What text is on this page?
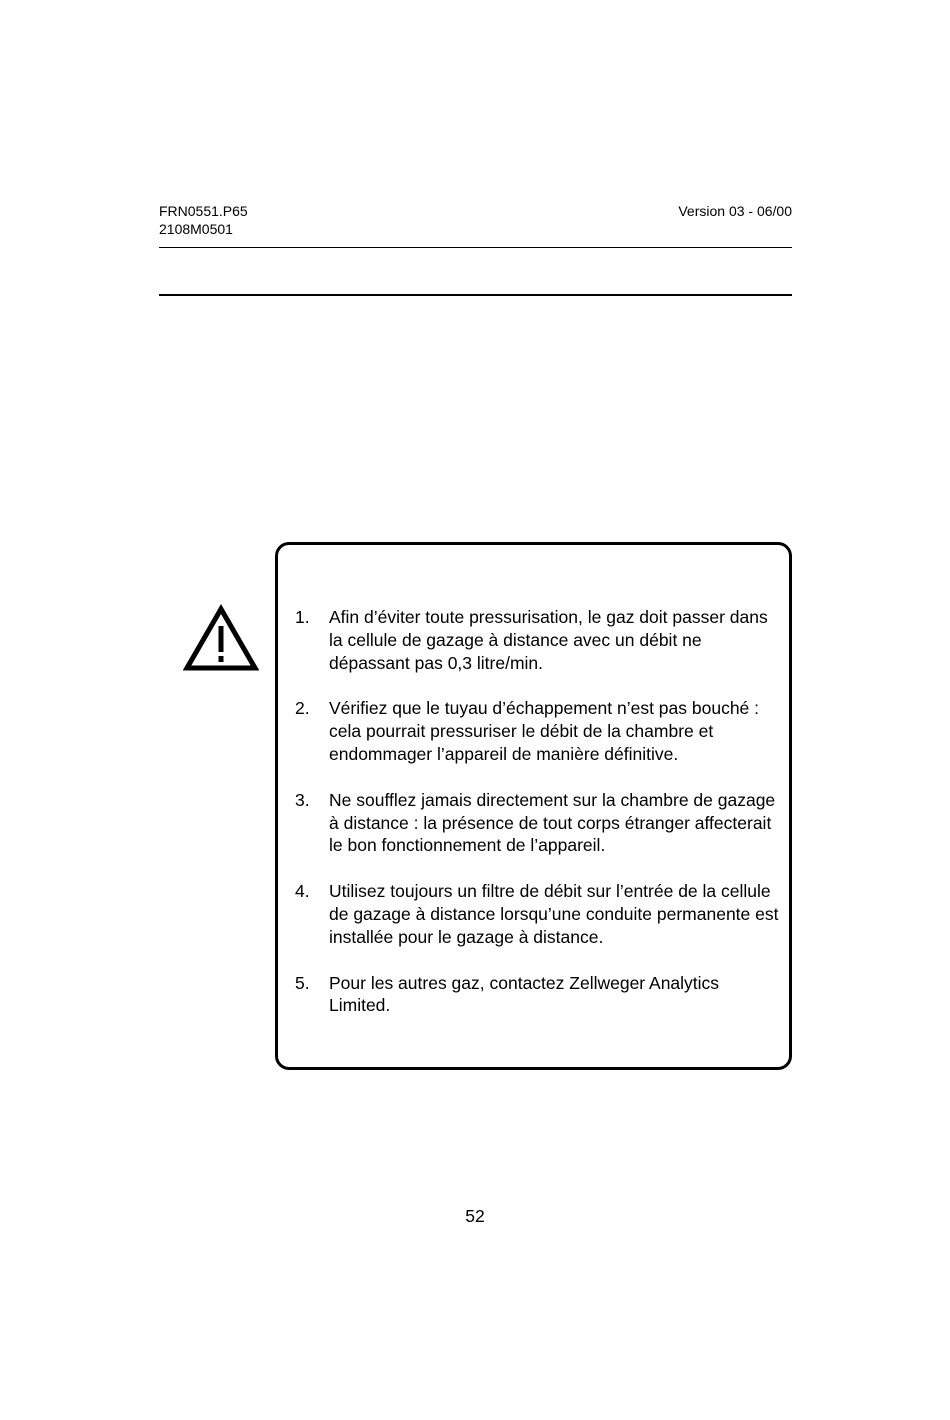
FRN0551.P65
2108M0501
Version 03 - 06/00
1.	Afin d’éviter toute pressurisation, le gaz doit passer dans la cellule de gazage à distance avec un débit ne dépassant pas 0,3 litre/min.
2.	Vérifiez que le tuyau d’échappement n’est pas bouché : cela pourrait pressuriser le débit de la chambre et endommager l’appareil de manière définitive.
3.	Ne soufflez jamais directement sur la chambre de gazage à distance : la présence de tout corps étranger affecterait le bon fonctionnement de l’appareil.
4.	Utilisez toujours un filtre de débit sur l’entrée de la cellule de gazage à distance lorsqu’une conduite permanente est installée pour le gazage à distance.
5.	Pour les autres gaz, contactez Zellweger Analytics Limited.
52
